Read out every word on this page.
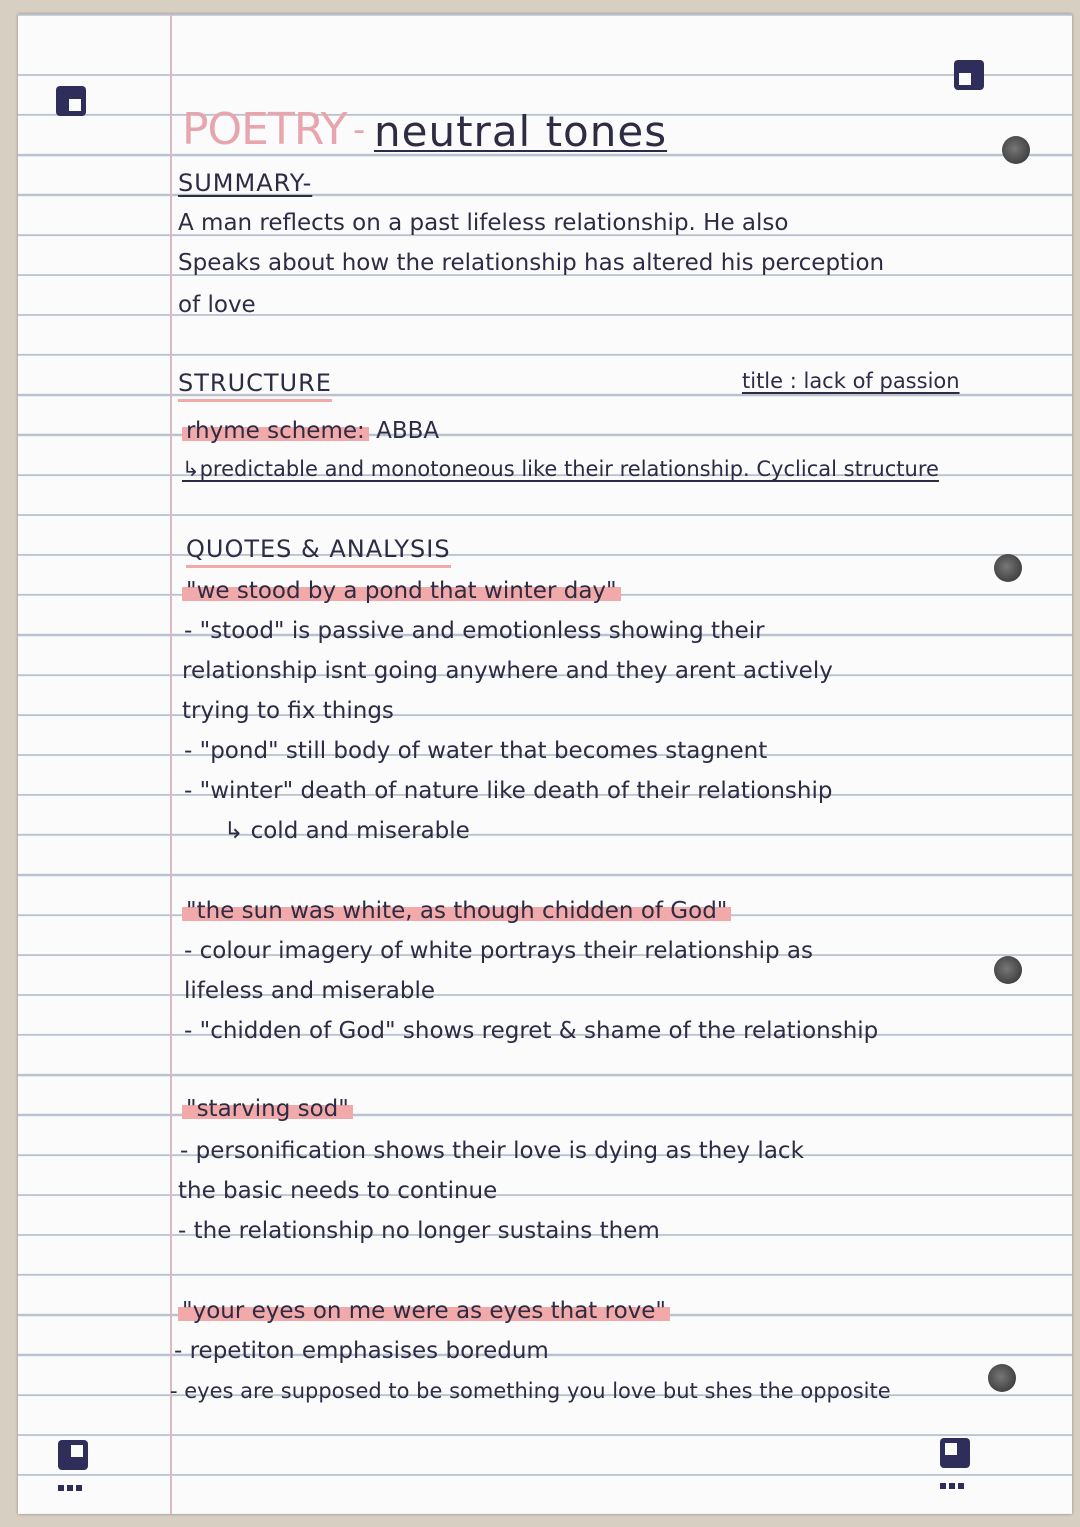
POETRY - neutral tones
SUMMARY-
A man reflects on a past lifeless relationship. He also
Speaks about how the relationship has altered his perception
of love
STRUCTURE	title : lack of passion
rhyme scheme: ABBA
↳predictable and monotoneous like their relationship. Cyclical structure
QUOTES & ANALYSIS
"we stood by a pond that winter day"
- "stood" is passive and emotionless showing their
relationship isnt going anywhere and they arent actively
trying to fix things
- "pond" still body of water that becomes stagnent
- "winter" death of nature like death of their relationship
↳ cold and miserable
"the sun was white, as though chidden of God"
- colour imagery of white portrays their relationship as
lifeless and miserable
- "chidden of God" shows regret & shame of the relationship
"starving sod"
- personification shows their love is dying as they lack
the basic needs to continue
- the relationship no longer sustains them
"your eyes on me were as eyes that rove"
- repetiton emphasises boredum
- eyes are supposed to be something you love but shes the opposite
